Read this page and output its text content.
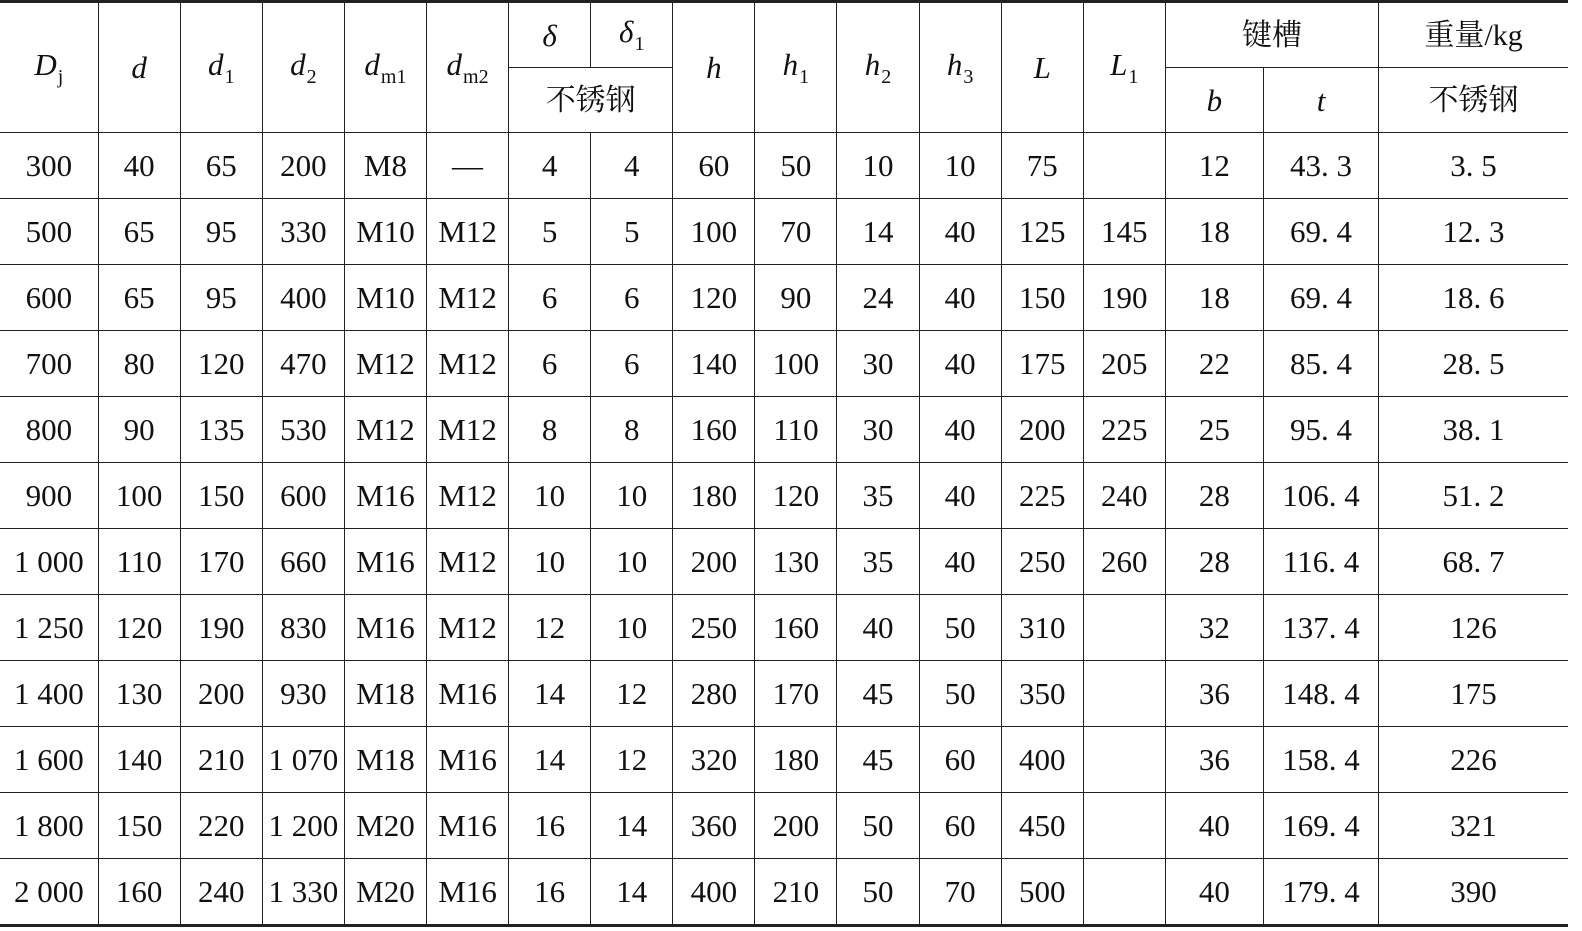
$D_j$	d	$d_1$	$d_2$	$d_{m1}$	$d_{m2}$	δ	$\delta_1$	h	$h_1$	$h_2$	$h_3$	L	$L_1$	键槽		重量/kg
						不锈钢								b	t	不锈钢
300	40	65	200	M8	—	4	4	60	50	10	10	75		12	43. 3	3. 5
500	65	95	330	M10	M12	5	5	100	70	14	40	125	145	18	69. 4	12. 3
600	65	95	400	M10	M12	6	6	120	90	24	40	150	190	18	69. 4	18. 6
700	80	120	470	M12	M12	6	6	140	100	30	40	175	205	22	85. 4	28. 5
800	90	135	530	M12	M12	8	8	160	110	30	40	200	225	25	95. 4	38. 1
900	100	150	600	M16	M12	10	10	180	120	35	40	225	240	28	106. 4	51. 2
1 000	110	170	660	M16	M12	10	10	200	130	35	40	250	260	28	116. 4	68. 7
1 250	120	190	830	M16	M12	12	10	250	160	40	50	310		32	137. 4	126
1 400	130	200	930	M18	M16	14	12	280	170	45	50	350		36	148. 4	175
1 600	140	210	1 070	M18	M16	14	12	320	180	45	60	400		36	158. 4	226
1 800	150	220	1 200	M20	M16	16	14	360	200	50	60	450		40	169. 4	321
2 000	160	240	1 330	M20	M16	16	14	400	210	50	70	500		40	179. 4	390
